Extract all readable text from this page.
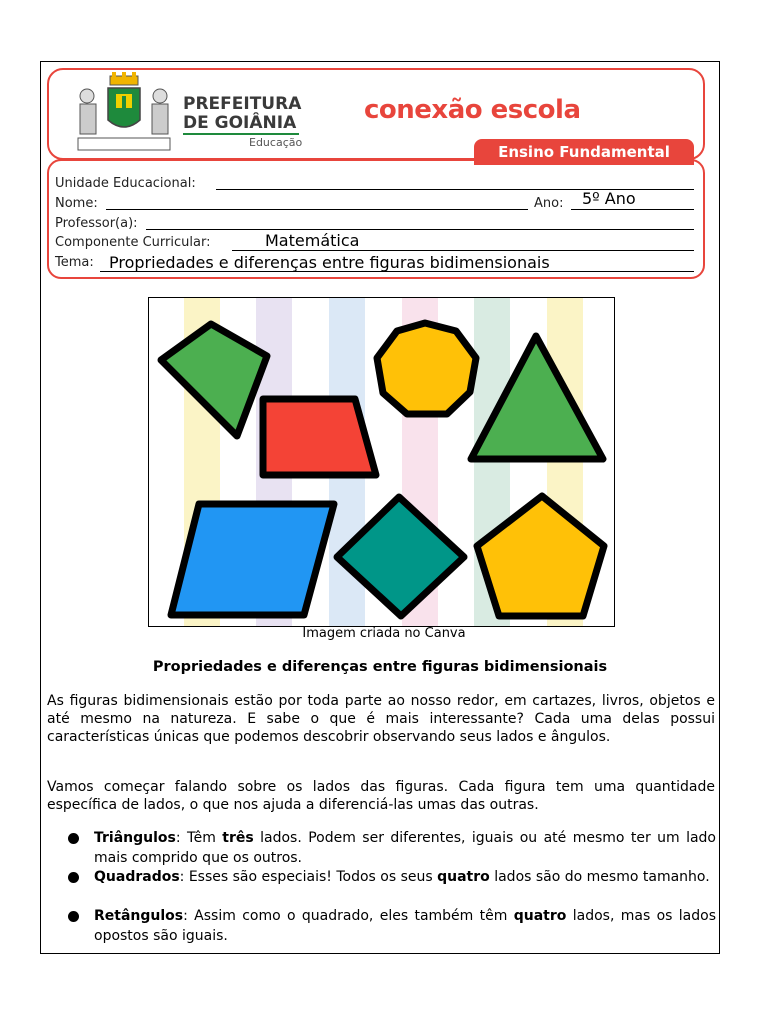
PREFEITURA
DE GOIÂNIA
Educação
conexão escola
Ensino Fundamental
Unidade Educacional:
Nome:	Ano: 5º Ano
Professor(a):
Componente Curricular:	Matemática
Tema: Propriedades e diferenças entre figuras bidimensionais
Imagem criada no Canva
Propriedades e diferenças entre figuras bidimensionais
As figuras bidimensionais estão por toda parte ao nosso redor, em cartazes, livros, objetos e até mesmo na natureza. E sabe o que é mais interessante? Cada uma delas possui características únicas que podemos descobrir observando seus lados e ângulos.
Vamos começar falando sobre os lados das figuras. Cada figura tem uma quantidade específica de lados, o que nos ajuda a diferenciá-las umas das outras.
Triângulos: Têm três lados. Podem ser diferentes, iguais ou até mesmo ter um lado mais comprido que os outros.
Quadrados: Esses são especiais! Todos os seus quatro lados são do mesmo tamanho.
Retângulos: Assim como o quadrado, eles também têm quatro lados, mas os lados opostos são iguais.
